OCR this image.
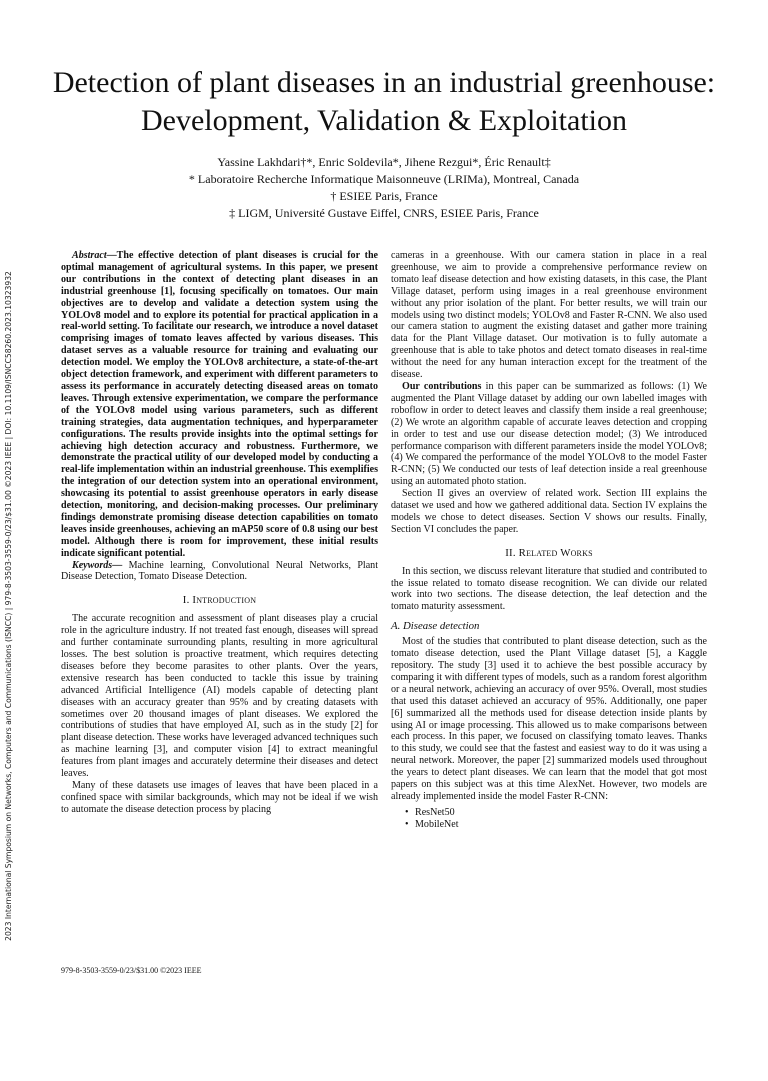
2023 International Symposium on Networks, Computers and Communications (ISNCC) | 979-8-3503-3559-0/23/$31.00 ©2023 IEEE | DOI: 10.1109/ISNCC58260.2023.10323932
Detection of plant diseases in an industrial greenhouse: Development, Validation & Exploitation
Yassine Lakhdari†*, Enric Soldevila*, Jihene Rezgui*, Éric Renault‡
* Laboratoire Recherche Informatique Maisonneuve (LRIMa), Montreal, Canada
† ESIEE Paris, France
‡ LIGM, Université Gustave Eiffel, CNRS, ESIEE Paris, France

Abstract—The effective detection of plant diseases is crucial for the optimal management of agricultural systems. In this paper, we present our contributions in the context of detecting plant diseases in an industrial greenhouse [1], focusing specifically on tomatoes. Our main objectives are to develop and validate a detection system using the YOLOv8 model and to explore its potential for practical application in a real-world setting. To facilitate our research, we introduce a novel dataset comprising images of tomato leaves affected by various diseases. This dataset serves as a valuable resource for training and evaluating our detection model. We employ the YOLOv8 architecture, a state-of-the-art object detection framework, and experiment with different parameters to assess its performance in accurately detecting diseased areas on tomato leaves. Through extensive experimentation, we compare the performance of the YOLOv8 model using various parameters, such as different training strategies, data augmentation techniques, and hyperparameter configurations. The results provide insights into the optimal settings for achieving high detection accuracy and robustness. Furthermore, we demonstrate the practical utility of our developed model by conducting a real-life implementation within an industrial greenhouse. This exemplifies the integration of our detection system into an operational environment, showcasing its potential to assist greenhouse operators in early disease detection, monitoring, and decision-making processes. Our preliminary findings demonstrate promising disease detection capabilities on tomato leaves inside greenhouses, achieving an mAP50 score of 0.8 using our best model. Although there is room for improvement, these initial results indicate significant potential.

Keywords— Machine learning, Convolutional Neural Networks, Plant Disease Detection, Tomato Disease Detection.

I. Introduction

The accurate recognition and assessment of plant diseases play a crucial role in the agriculture industry. If not treated fast enough, diseases will spread and further contaminate surrounding plants, resulting in more agricultural losses. The best solution is proactive treatment, which requires detecting diseases before they become parasites to other plants. Over the years, extensive research has been conducted to tackle this issue by training advanced Artificial Intelligence (AI) models capable of detecting plant diseases with an accuracy greater than 95% and by creating datasets with sometimes over 20 thousand images of plant diseases. We explored the contributions of studies that have employed AI, such as in the study [2] for plant disease detection. These works have leveraged advanced techniques such as machine learning [3], and computer vision [4] to extract meaningful features from plant images and accurately determine their diseases and detect leaves.

Many of these datasets use images of leaves that have been placed in a confined space with similar backgrounds, which may not be ideal if we wish to automate the disease detection process by placing

cameras in a greenhouse. With our camera station in place in a real greenhouse, we aim to provide a comprehensive performance review on tomato leaf disease detection and how existing datasets, in this case, the Plant Village dataset, perform using images in a real greenhouse environment without any prior isolation of the plant. For better results, we will train our models using two distinct models; YOLOv8 and Faster R-CNN. We also used our camera station to augment the existing dataset and gather more training data for the Plant Village dataset. Our motivation is to fully automate a greenhouse that is able to take photos and detect tomato diseases in real-time without the need for any human interaction except for the treatment of the disease.

Our contributions in this paper can be summarized as follows: (1) We augmented the Plant Village dataset by adding our own labelled images with roboflow in order to detect leaves and classify them inside a real greenhouse; (2) We wrote an algorithm capable of accurate leaves detection and cropping in order to test and use our disease detection model; (3) We introduced performance comparison with different parameters inside the model YOLOv8; (4) We compared the performance of the model YOLOv8 to the model Faster R-CNN; (5) We conducted our tests of leaf detection inside a real greenhouse using an automated photo station.

Section II gives an overview of related work. Section III explains the dataset we used and how we gathered additional data. Section IV explains the models we chose to detect diseases. Section V shows our results. Finally, Section VI concludes the paper.

II. Related Works

In this section, we discuss relevant literature that studied and contributed to the issue related to tomato disease recognition. We can divide our related work into two sections. The disease detection, the leaf detection and the tomato maturity assessment.

A. Disease detection

Most of the studies that contributed to plant disease detection, such as the tomato disease detection, used the Plant Village dataset [5], a Kaggle repository. The study [3] used it to achieve the best possible accuracy by comparing it with different types of models, such as a random forest algorithm or a neural network, achieving an accuracy of over 95%. Overall, most studies that used this dataset achieved an accuracy of 95%. Additionally, one paper [6] summarized all the methods used for disease detection inside plants by using AI or image processing. This allowed us to make comparisons between each process. In this paper, we focused on classifying tomato leaves. Thanks to this study, we could see that the fastest and easiest way to do it was using a neural network. Moreover, the paper [2] summarized models used throughout the years to detect plant diseases. We can learn that the model that got most papers on this subject was at this time AlexNet. However, two models are already implemented inside the model Faster R-CNN:

• ResNet50
• MobileNet
979-8-3503-3559-0/23/$31.00 ©2023 IEEE
